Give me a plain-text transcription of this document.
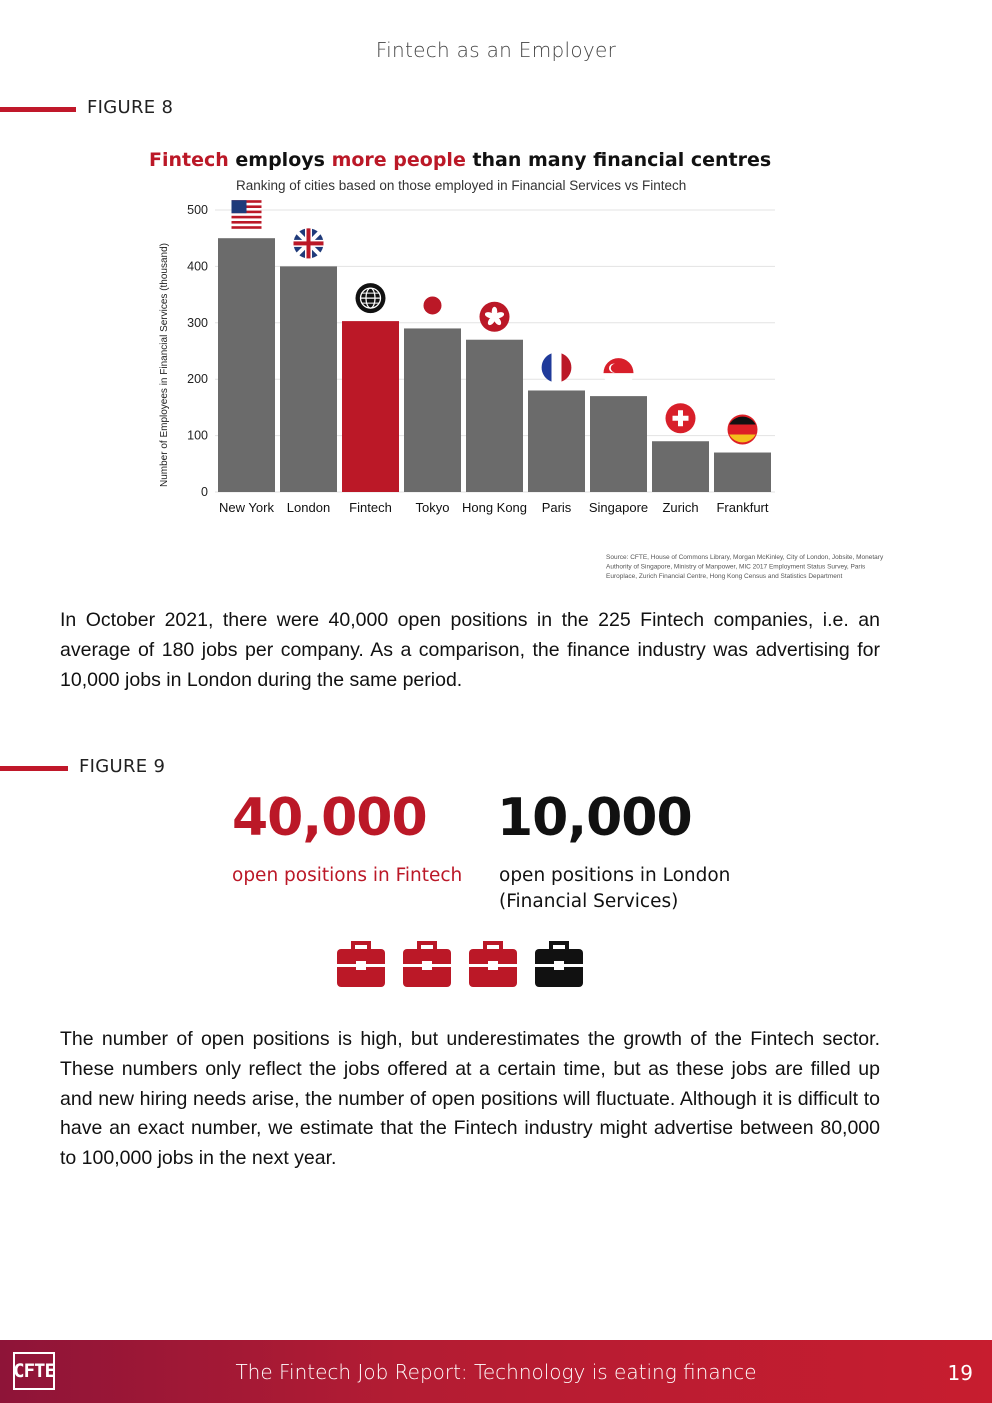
Fintech as an Employer
FIGURE 8
Fintech employs more people than many financial centres
Ranking of cities based on those employed in Financial Services vs Fintech
Number of Employees in Financial Services (thousand)
0
100
200
300
400
500
New York London Fintech Tokyo Hong Kong Paris Singapore Zurich Frankfurt
Source: CFTE, House of Commons Library, Morgan McKinley, City of London, Jobsite, Monetary
Authority of Singapore, Ministry of Manpower, MIC 2017 Employment Status Survey, Paris
Europlace, Zurich Financial Centre, Hong Kong Census and Statistics Department
In October 2021, there were 40,000 open positions in the 225 Fintech companies, i.e. an average of 180 jobs per company. As a comparison, the finance industry was advertising for 10,000 jobs in London during the same period.
FIGURE 9
40,000
open positions in Fintech
10,000
open positions in London
(Financial Services)
The number of open positions is high, but underestimates the growth of the Fintech sector. These numbers only reflect the jobs offered at a certain time, but as these jobs are filled up and new hiring needs arise, the number of open positions will fluctuate. Although it is difficult to have an exact number, we estimate that the Fintech industry might advertise between 80,000 to 100,000 jobs in the next year.
CFTE	The Fintech Job Report: Technology is eating finance	19
